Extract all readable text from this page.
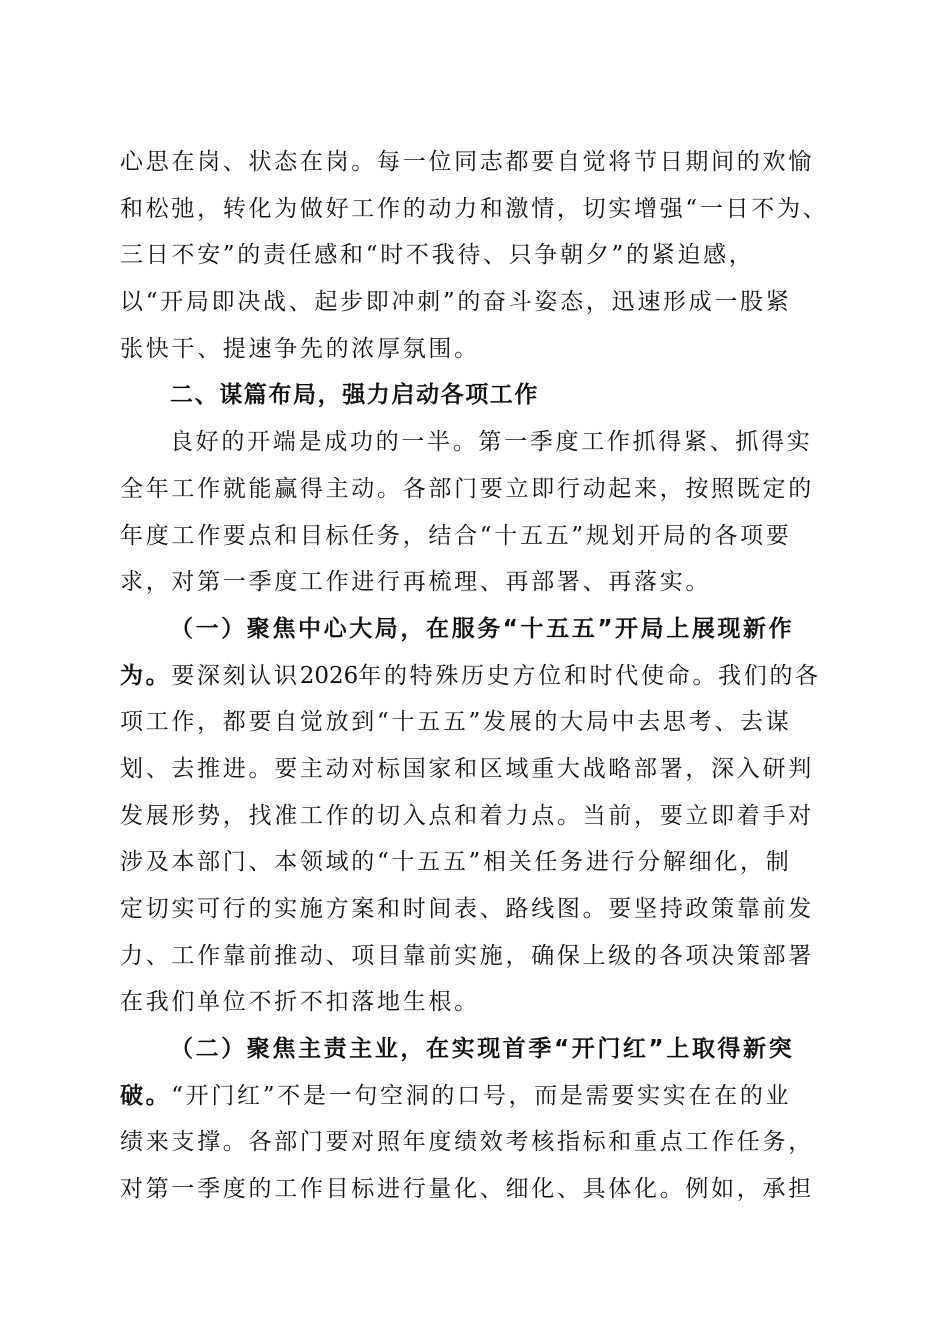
心思在岗、状态在岗。每一位同志都要自觉将节日期间的欢愉
和松弛，转化为做好工作的动力和激情，切实增强“一日不为、
三日不安”的责任感和“时不我待、只争朝夕”的紧迫感，
以“开局即决战、起步即冲刺”的奋斗姿态，迅速形成一股紧
张快干、提速争先的浓厚氛围。
二、谋篇布局，强力启动各项工作
良好的开端是成功的一半。第一季度工作抓得紧、抓得实
全年工作就能赢得主动。各部门要立即行动起来，按照既定的
年度工作要点和目标任务，结合“十五五”规划开局的各项要
求，对第一季度工作进行再梳理、再部署、再落实。
（一）聚焦中心大局，在服务“十五五”开局上展现新作
为。要深刻认识2026年的特殊历史方位和时代使命。我们的各
项工作，都要自觉放到“十五五”发展的大局中去思考、去谋
划、去推进。要主动对标国家和区域重大战略部署，深入研判
发展形势，找准工作的切入点和着力点。当前，要立即着手对
涉及本部门、本领域的“十五五”相关任务进行分解细化，制
定切实可行的实施方案和时间表、路线图。要坚持政策靠前发
力、工作靠前推动、项目靠前实施，确保上级的各项决策部署
在我们单位不折不扣落地生根。
（二）聚焦主责主业，在实现首季“开门红”上取得新突
破。“开门红”不是一句空洞的口号，而是需要实实在在的业
绩来支撑。各部门要对照年度绩效考核指标和重点工作任务，
对第一季度的工作目标进行量化、细化、具体化。例如，承担
